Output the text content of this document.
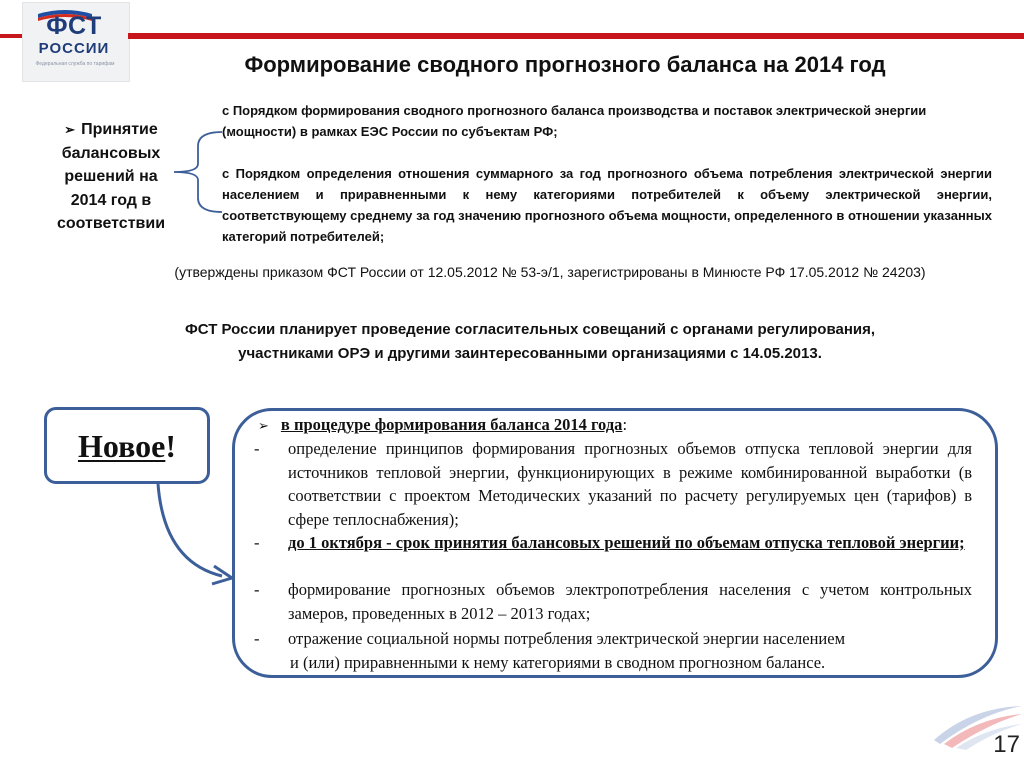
ФСТ
РОССИИ
Федеральная служба по тарифам	Формирование сводного прогнозного баланса на 2014 год
➢ Принятие балансовых решений на 2014 год в соответствии
с Порядком формирования сводного прогнозного баланса производства и поставок электрической энергии (мощности) в рамках ЕЭС России по субъектам РФ;
с Порядком определения отношения суммарного за год прогнозного объема потребления электрической энергии населением и приравненными к нему категориями потребителей к объему электрической энергии, соответствующему среднему за год значению прогнозного объема мощности, определенного в отношении указанных категорий потребителей;
(утверждены приказом ФСТ России от 12.05.2012 № 53-э/1, зарегистрированы в Минюсте РФ 17.05.2012 № 24203)
ФСТ России планирует проведение согласительных совещаний с органами регулирования,
участниками ОРЭ и другими заинтересованными организациями с 14.05.2013.
Новое!
➢ в процедуре формирования баланса 2014 года:
- определение принципов формирования прогнозных объемов отпуска тепловой энергии для источников тепловой энергии, функционирующих в режиме комбинированной выработки (в соответствии с проектом Методических указаний по расчету регулируемых цен (тарифов) в сфере теплоснабжения);
- до 1 октября - срок принятия балансовых решений по объемам отпуска тепловой энергии;
- формирование прогнозных объемов электропотребления населения с учетом контрольных замеров, проведенных в 2012 – 2013 годах;
- отражение социальной нормы потребления электрической энергии населением
и (или) приравненными к нему категориями в сводном прогнозном балансе.
17
